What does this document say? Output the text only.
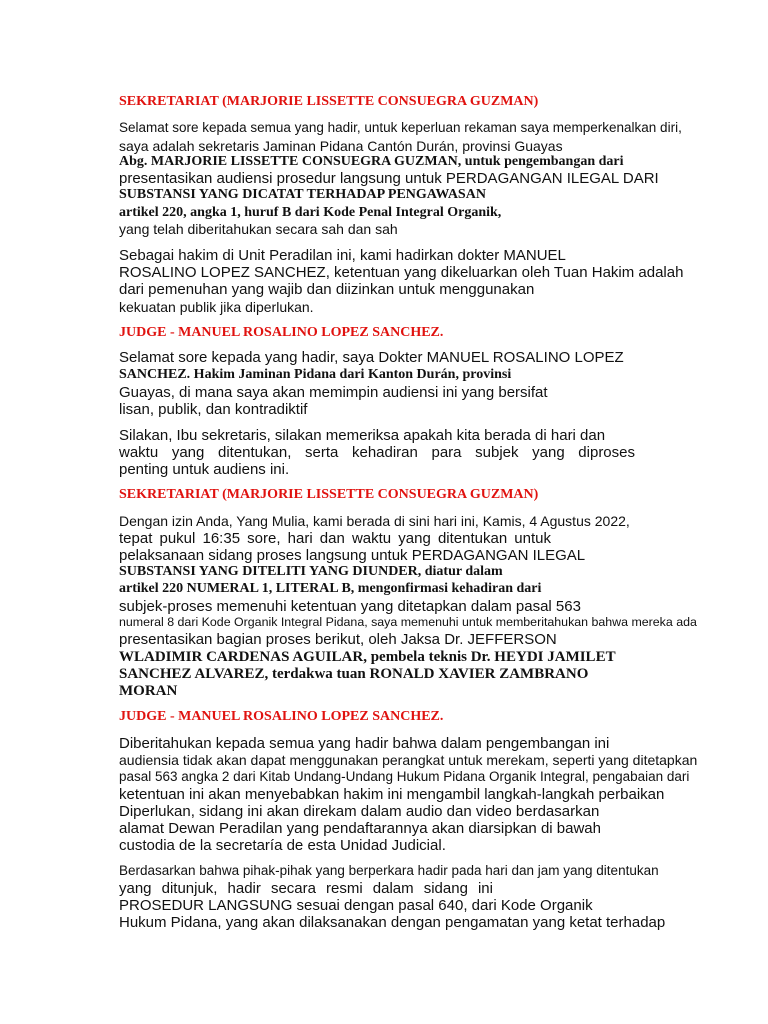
SEKRETARIAT (MARJORIE LISSETTE CONSUEGRA GUZMAN)
Selamat sore kepada semua yang hadir, untuk keperluan rekaman saya memperkenalkan diri,
saya adalah sekretaris Jaminan Pidana Cantón Durán, provinsi Guayas
Abg. MARJORIE LISSETTE CONSUEGRA GUZMAN, untuk pengembangan dari
presentasikan audiensi prosedur langsung untuk PERDAGANGAN ILEGAL DARI
SUBSTANSI YANG DICATAT TERHADAP PENGAWASAN
artikel 220, angka 1, huruf B dari Kode Penal Integral Organik,
yang telah diberitahukan secara sah dan sah
Sebagai hakim di Unit Peradilan ini, kami hadirkan dokter MANUEL
ROSALINO LOPEZ SANCHEZ, ketentuan yang dikeluarkan oleh Tuan Hakim adalah
dari pemenuhan yang wajib dan diizinkan untuk menggunakan
kekuatan publik jika diperlukan.
JUDGE - MANUEL ROSALINO LOPEZ SANCHEZ.
Selamat sore kepada yang hadir, saya Dokter MANUEL ROSALINO LOPEZ
SANCHEZ. Hakim Jaminan Pidana dari Kanton Durán, provinsi
Guayas, di mana saya akan memimpin audiensi ini yang bersifat
lisan, publik, dan kontradiktif
Silakan, Ibu sekretaris, silakan memeriksa apakah kita berada di hari dan
waktu yang ditentukan, serta kehadiran para subjek yang diproses
penting untuk audiens ini.
SEKRETARIAT (MARJORIE LISSETTE CONSUEGRA GUZMAN)
Dengan izin Anda, Yang Mulia, kami berada di sini hari ini, Kamis, 4 Agustus 2022,
tepat pukul 16:35 sore, hari dan waktu yang ditentukan untuk
pelaksanaan sidang proses langsung untuk PERDAGANGAN ILEGAL
SUBSTANSI YANG DITELITI YANG DIUNDER, diatur dalam
artikel 220 NUMERAL 1, LITERAL B, mengonfirmasi kehadiran dari
subjek-proses memenuhi ketentuan yang ditetapkan dalam pasal 563
numeral 8 dari Kode Organik Integral Pidana, saya memenuhi untuk memberitahukan bahwa mereka ada
presentasikan bagian proses berikut, oleh Jaksa Dr. JEFFERSON
WLADIMIR CARDENAS AGUILAR, pembela teknis Dr. HEYDI JAMILET
SANCHEZ ALVAREZ, terdakwa tuan RONALD XAVIER ZAMBRANO
MORAN
JUDGE - MANUEL ROSALINO LOPEZ SANCHEZ.
Diberitahukan kepada semua yang hadir bahwa dalam pengembangan ini
audiensia tidak akan dapat menggunakan perangkat untuk merekam, seperti yang ditetapkan
pasal 563 angka 2 dari Kitab Undang-Undang Hukum Pidana Organik Integral, pengabaian dari
ketentuan ini akan menyebabkan hakim ini mengambil langkah-langkah perbaikan
Diperlukan, sidang ini akan direkam dalam audio dan video berdasarkan
alamat Dewan Peradilan yang pendaftarannya akan diarsipkan di bawah
custodia de la secretaría de esta Unidad Judicial.
Berdasarkan bahwa pihak-pihak yang berperkara hadir pada hari dan jam yang ditentukan
yang ditunjuk, hadir secara resmi dalam sidang ini
PROSEDUR LANGSUNG sesuai dengan pasal 640, dari Kode Organik
Hukum Pidana, yang akan dilaksanakan dengan pengamatan yang ketat terhadap
